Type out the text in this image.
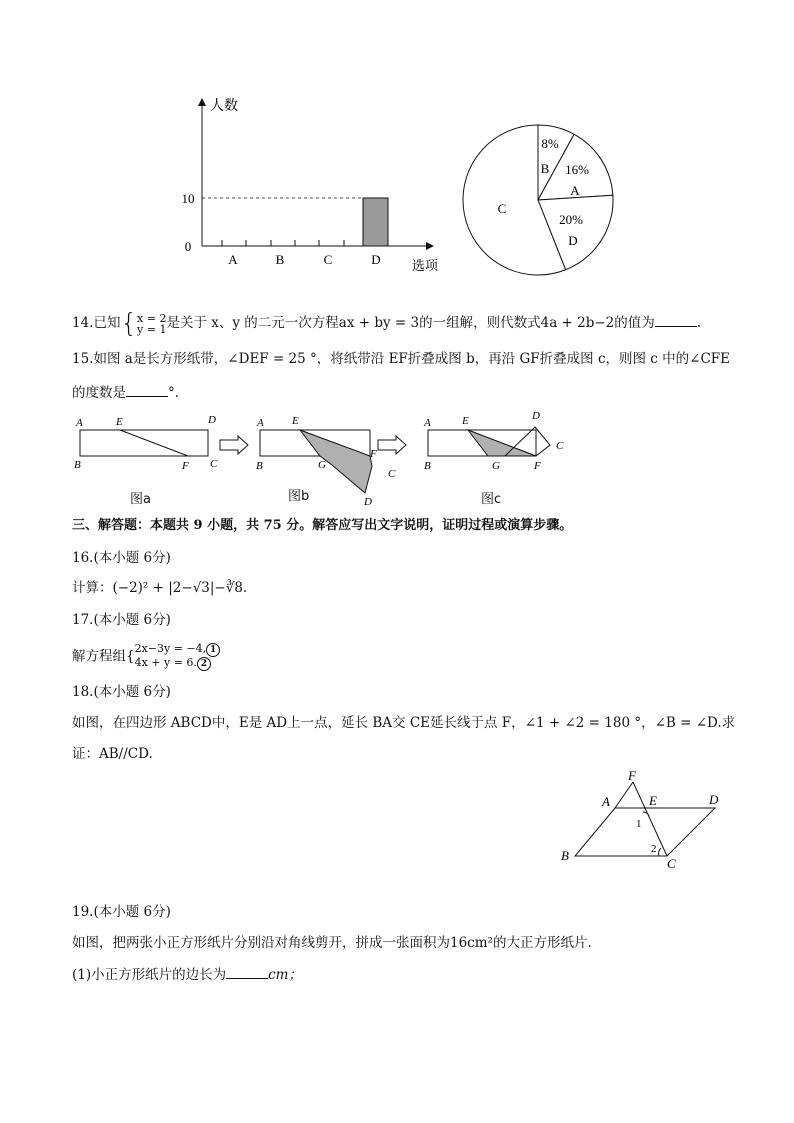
人数
选项
0
10
A	B	C	D
8%
B 16%
A
20%
D
C
14.已知{x = 2
y = 1是关于 x、y 的二元一次方程ax + by = 3的一组解，则代数式4a + 2b−2的值为	.
15.如图 a是长方形纸带，∠DEF = 25 °，将纸带沿 EF折叠成图 b，再沿 GF折叠成图 c，则图 c 中的∠CFE
的度数是	°.
A	E	D
B	F C
A	E
B	G
F
C
D
A	E	D
C
B	G	F
图a	图b	图c
三、解答题：本题共 9 小题，共 75 分。解答应写出文字说明，证明过程或演算步骤。
16.(本小题 6分)
计算：(−2)² + |2−√3|−∛8.
17.(本小题 6分)
解方程组{2x−3y = −4, 1
4x + y = 6. 2
18.(本小题 6分)
如图，在四边形 ABCD中，E是 AD上一点，延长 BA交 CE延长线于点 F，∠1 + ∠2 = 180 °，∠B = ∠D.求
证：AB//CD.
F
A	E	D
B
C
1
2
19.(本小题 6分)
如图，把两张小正方形纸片分别沿对角线剪开，拼成一张面积为16cm²的大正方形纸片.
(1)小正方形纸片的边长为	cm；
